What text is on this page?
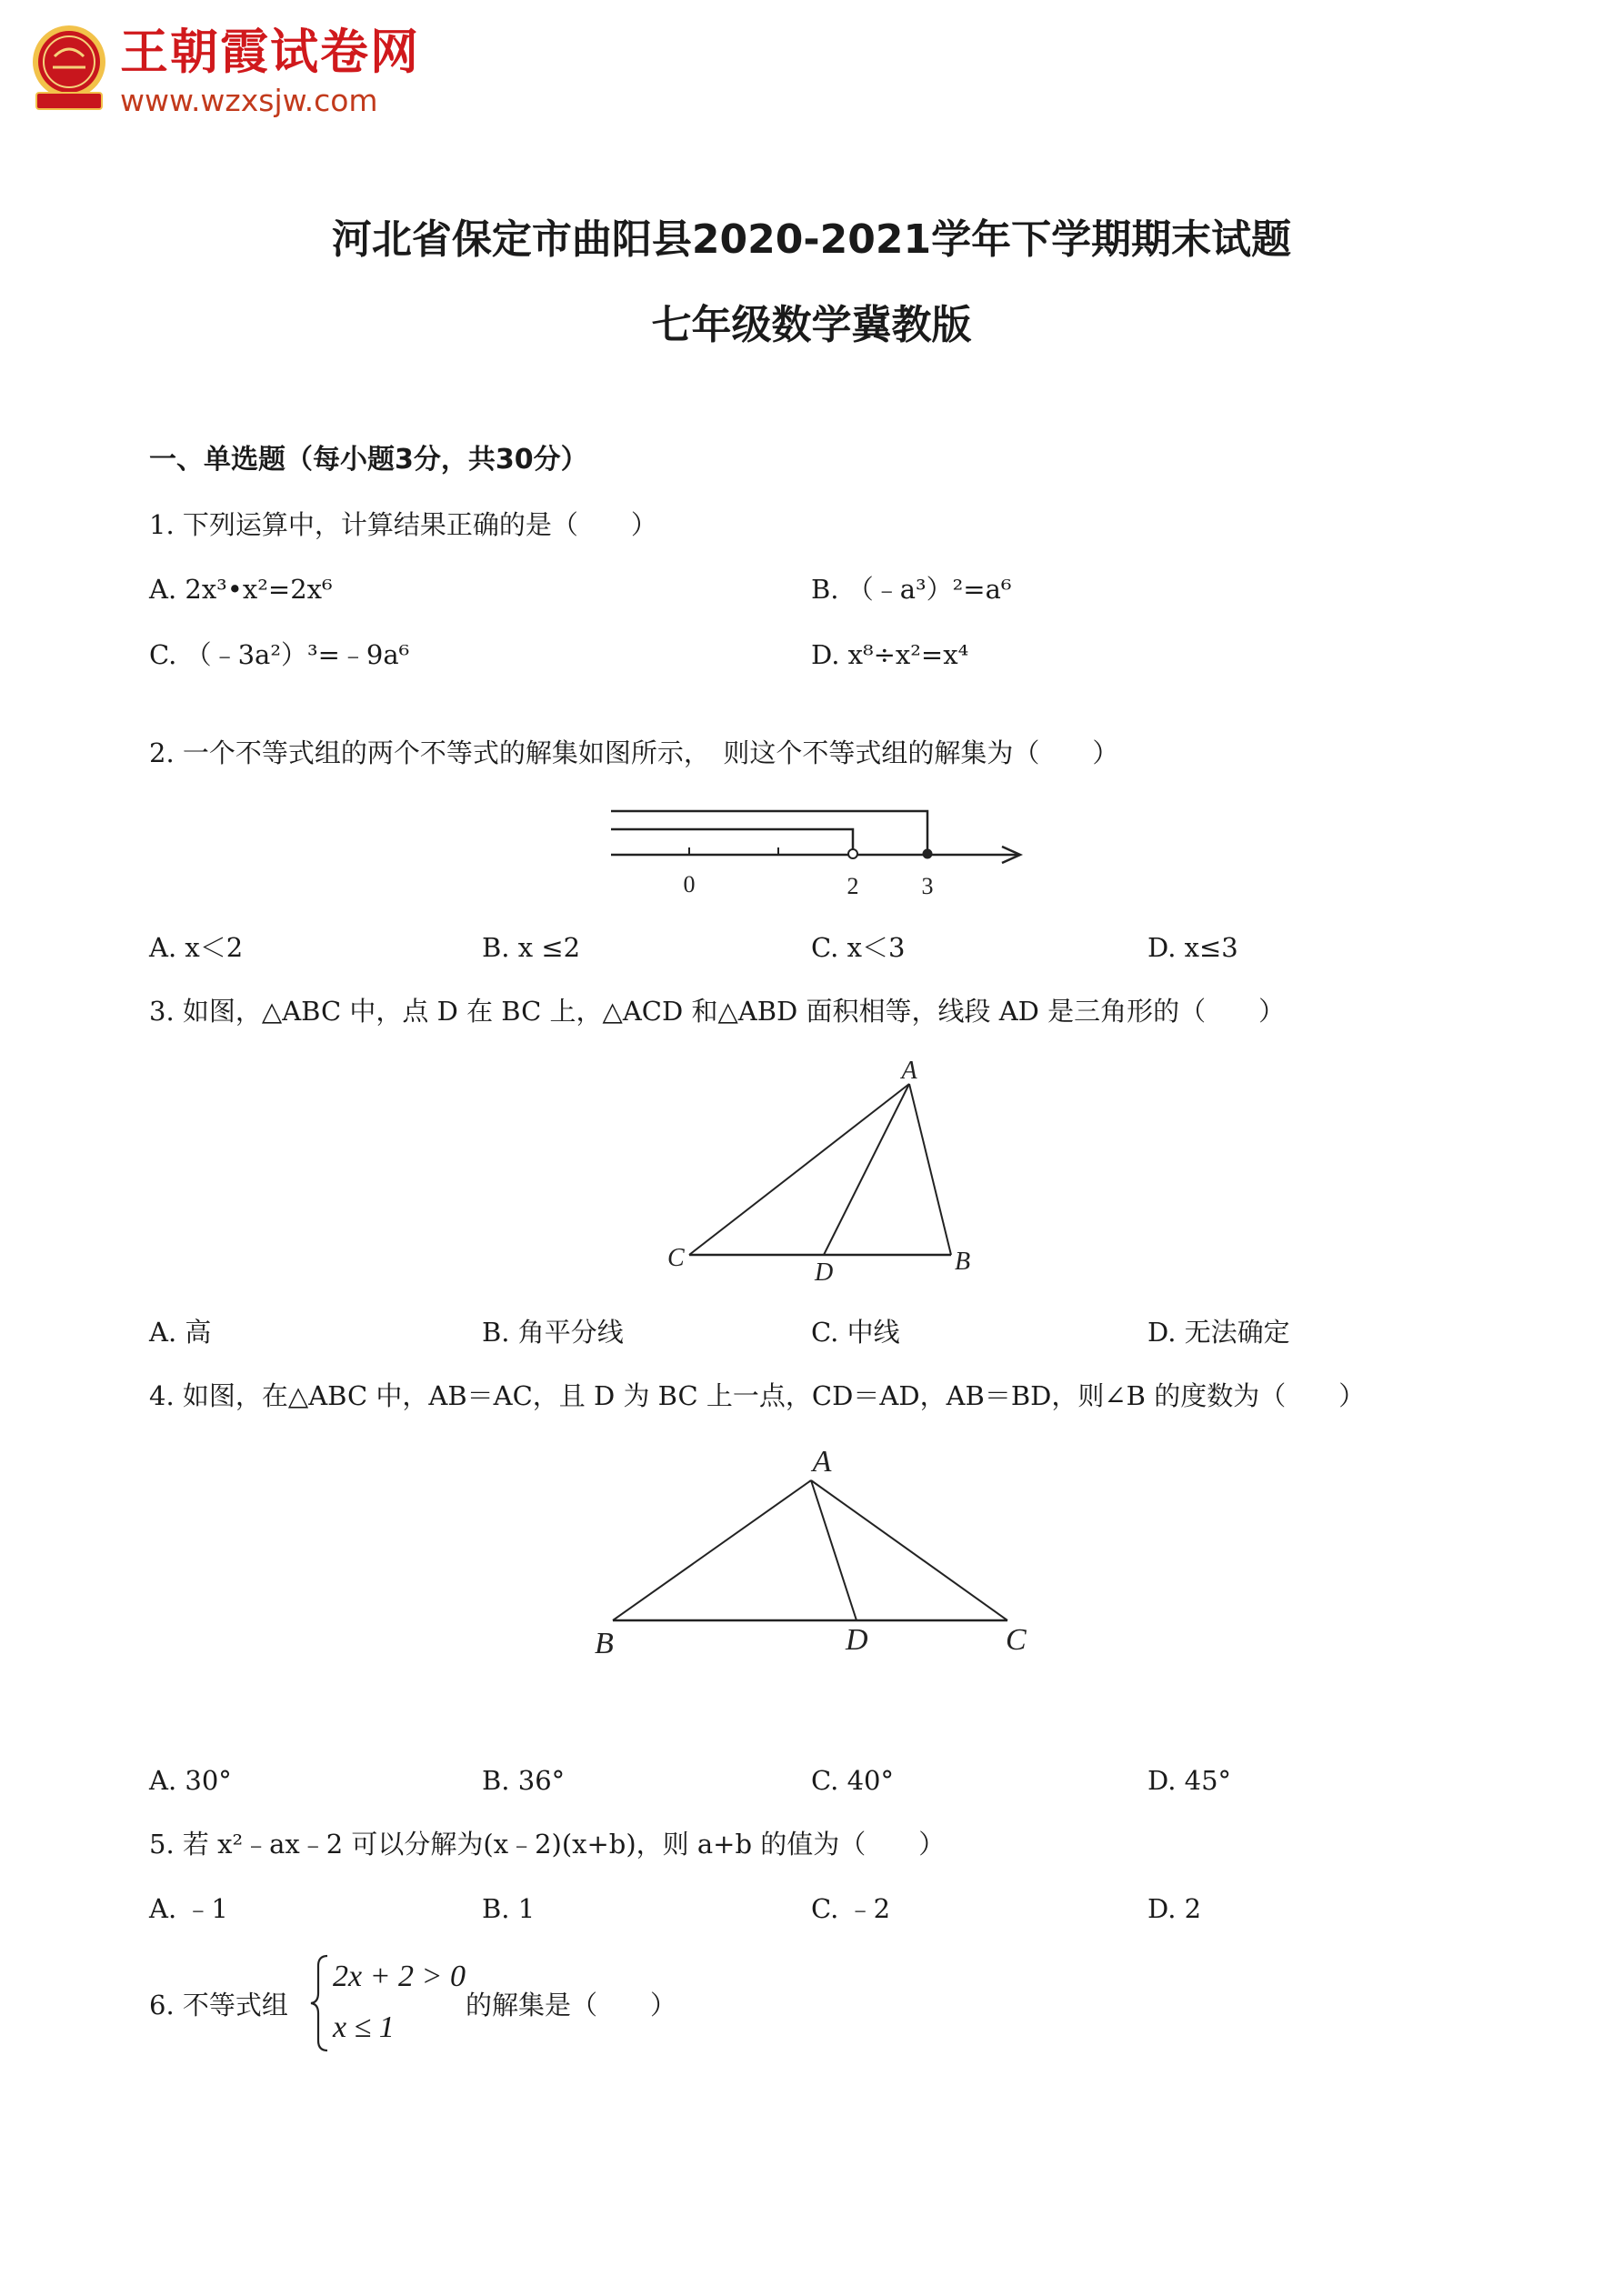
王朝霞试卷网
www.wzxsjw.com
河北省保定市曲阳县2020-2021学年下学期期末试题
七年级数学冀教版
一、单选题（每小题3分，共30分）
1. 下列运算中，计算结果正确的是（　　）
A. 2x³•x²=2x⁶	B. （﹣a³）²=a⁶
C. （﹣3a²）³=﹣9a⁶	D. x⁸÷x²=x⁴
2. 一个不等式组的两个不等式的解集如图所示，　则这个不等式组的解集为（　　）
0	2	3
A. x＜2	B. x ≤2	C. x＜3	D. x≤3
3. 如图，△ABC 中，点 D 在 BC 上，△ACD 和△ABD 面积相等，线段 AD 是三角形的（　　）
A
C
D	B
A. 高	B. 角平分线	C. 中线	D. 无法确定
4. 如图，在△ABC 中，AB＝AC，且 D 为 BC 上一点，CD＝AD，AB＝BD，则∠B 的度数为（　　）
A
B	D	C
A. 30°	B. 36°	C. 40°	D. 45°
5. 若 x²﹣ax﹣2 可以分解为(x﹣2)(x+b)，则 a+b 的值为（　　）
A. ﹣1	B. 1	C. ﹣2	D. 2
6. 不等式组
2x + 2 > 0
x ≤ 1
的解集是（　　）
